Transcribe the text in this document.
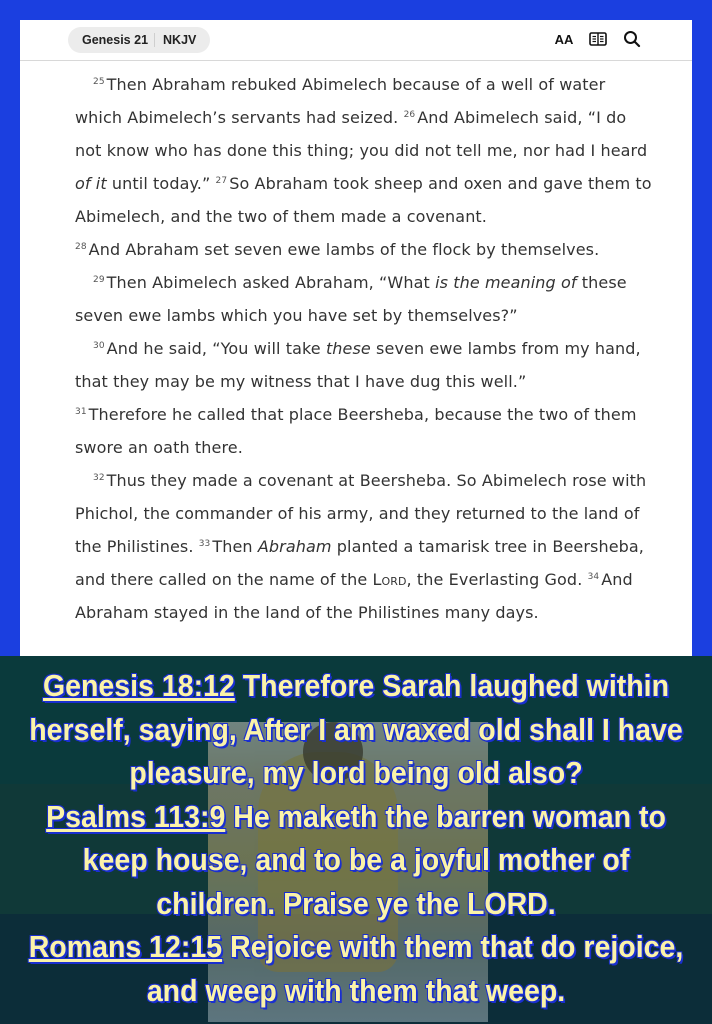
Genesis 21	NKJV	AA

$^{25}$ Then Abraham rebuked Abimelech because of a well of water which Abimelech’s servants had seized. $^{26}$ And Abimelech said, “I do not know who has done this thing; you did not tell me, nor had I heard of it until today.” $^{27}$ So Abraham took sheep and oxen and gave them to Abimelech, and the two of them made a covenant.

$^{28}$ And Abraham set seven ewe lambs of the flock by themselves.

$^{29}$ Then Abimelech asked Abraham, “What is the meaning of these seven ewe lambs which you have set by themselves?”

$^{30}$ And he said, “You will take these seven ewe lambs from my hand, that they may be my witness that I have dug this well.”

$^{31}$ Therefore he called that place Beersheba, because the two of them swore an oath there.

$^{32}$ Thus they made a covenant at Beersheba. So Abimelech rose with Phichol, the commander of his army, and they returned to the land of the Philistines. $^{33}$ Then Abraham planted a tamarisk tree in Beersheba, and there called on the name of the Lord, the Everlasting God. $^{34}$ And Abraham stayed in the land of the Philistines many days.

Genesis 18:12 Therefore Sarah laughed within herself, saying, After I am waxed old shall I have pleasure, my lord being old also?

Psalms 113:9 He maketh the barren woman to keep house, and to be a joyful mother of children. Praise ye the LORD.

Romans 12:15 Rejoice with them that do rejoice, and weep with them that weep.
